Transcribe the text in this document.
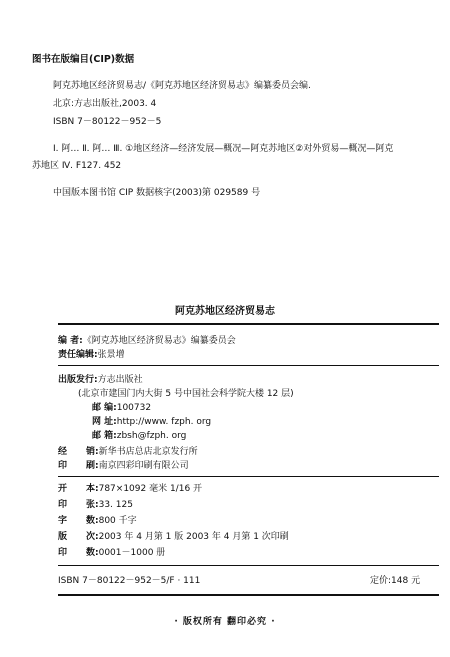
图书在版编目(CIP)数据
阿克苏地区经济贸易志/《阿克苏地区经济贸易志》编纂委员会编.
北京:方志出版社,2003. 4
ISBN 7－80122－952－5
Ⅰ. 阿… Ⅱ. 阿… Ⅲ. ①地区经济—经济发展—概况—阿克苏地区②对外贸易—概况—阿克
苏地区 Ⅳ. F127. 452
中国版本图书馆 CIP 数据核字(2003)第 029589 号
阿克苏地区经济贸易志
编 者:《阿克苏地区经济贸易志》编纂委员会
责任编辑:张景增
出版发行:方志出版社
(北京市建国门内大街 5 号中国社会科学院大楼 12 层)
邮 编:100732
网 址:http://www. fzph. org
邮 箱:zbsh@fzph. org
经 销:新华书店总店北京发行所
印 刷:南京四彩印刷有限公司
开 本:787×1092 毫米 1/16 开
印 张:33. 125
字 数:800 千字
版 次:2003 年 4 月第 1 版 2003 年 4 月第 1 次印刷
印 数:0001－1000 册
ISBN 7－80122－952－5/F · 111	定价:148 元
· 版权所有 翻印必究 ·
